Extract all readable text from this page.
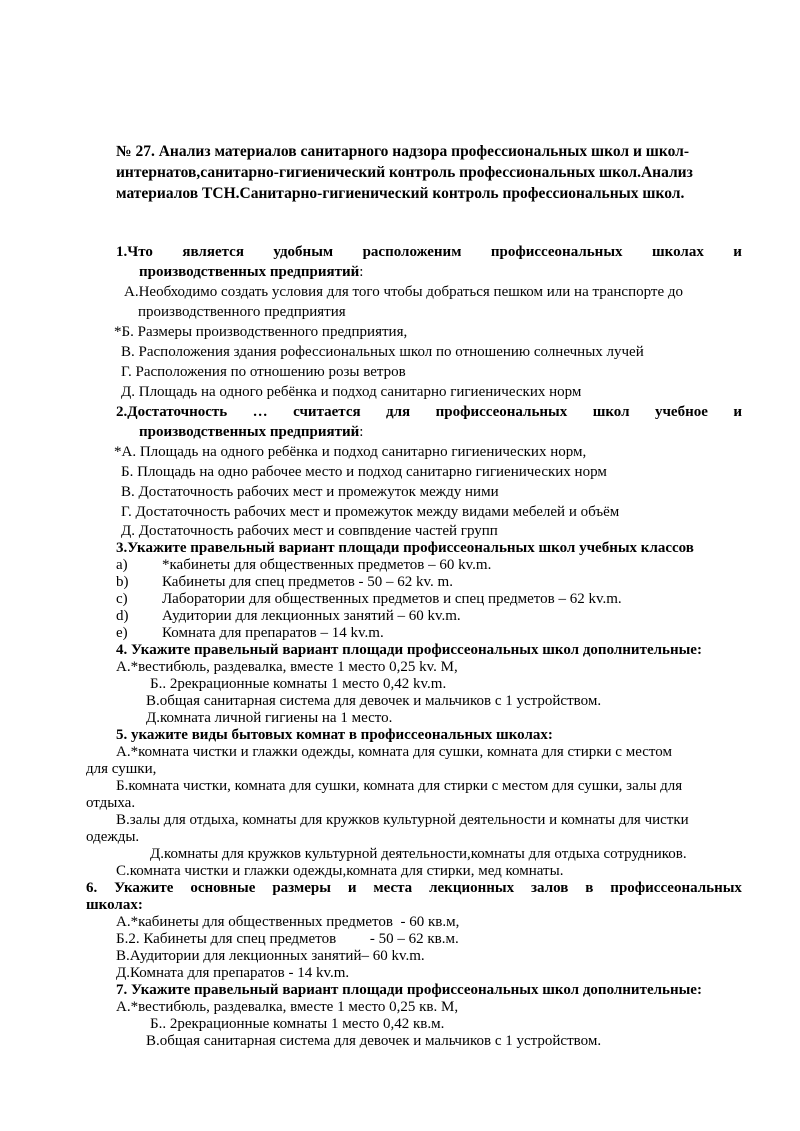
№ 27. Анализ материалов санитарного надзора профессиональных школ и школ-интернатов,санитарно-гигиенический контроль профессиональных школ.Анализ материалов ТСН.Санитарно-гигиенический контроль профессиональных школ.
1.Что является удобным расположеним профиссеональных школах и
производственных предприятий:
А.Необходимо создать условия для того чтобы добраться пешком или на транспорте до
производственного предприятия
*Б. Размеры производственного предприятия,
В. Расположения здания рофессиональных школ по отношению солнечных лучей
Г. Расположения по отношению розы ветров
Д. Площадь на одного ребёнка и подход санитарно гигиенических норм
2.Достаточность … считается для профиссеональных школ учебное и
производственных предприятий:
*А. Площадь на одного ребёнка и подход санитарно гигиенических норм,
Б. Площадь на одно рабочее место и подход санитарно гигиенических норм
В. Достаточность рабочих мест и промежуток между ними
Г. Достаточность рабочих мест и промежуток между видами мебелей и объём
Д. Достаточность рабочих мест и совпвдение частей групп
3.Укажите правельный вариант площади профиссеональных школ учебных классов
a)	*кабинеты для общественных предметов – 60 kv.m.
b)	Кабинеты для спец предметов - 50 – 62 kv. m.
c)	Лаборатории для общественных предметов и спец предметов – 62 kv.m.
d)	Аудитории для лекционных занятий – 60 kv.m.
e)	Комната для препаратов – 14 kv.m.
4. Укажите правельный вариант площади профиссеональных школ дополнительные:
А.*вестибюль, раздевалка, вместе 1 место 0,25 kv. М,
Б.. 2рекрационные комнаты 1 место 0,42 kv.m.
В.общая санитарная система для девочек и мальчиков с 1 устройством.
Д.комната личной гигиены на 1 место.
5. укажите виды бытовых комнат в профиссеональных школах:
А.*комната чистки и глажки одежды, комната для сушки, комната для стирки с местом
для сушки,
Б.комната чистки, комната для сушки, комната для стирки с местом для сушки, залы для
отдыха.
В.залы для отдыха, комнаты для кружков культурной деятельности и комнаты для чистки
одежды.
Д.комнаты для кружков культурной деятельности,комнаты для отдыха сотрудников.
С.комната чистки и глажки одежды,комната для стирки, мед комнаты.
6. Укажите основные размеры и места лекционных залов в профиссеональных
школах:
А.*кабинеты для общественных предметов  - 60 кв.м,
Б.2. Кабинеты для спец предметов         - 50 – 62 кв.м.
В.Аудитории для лекционных занятий– 60 kv.m.
Д.Комната для препаратов - 14 kv.m.
7. Укажите правельный вариант площади профиссеональных школ дополнительные:
А.*вестибюль, раздевалка, вместе 1 место 0,25 кв. М,
Б.. 2рекрационные комнаты 1 место 0,42 кв.м.
В.общая санитарная система для девочек и мальчиков с 1 устройством.
